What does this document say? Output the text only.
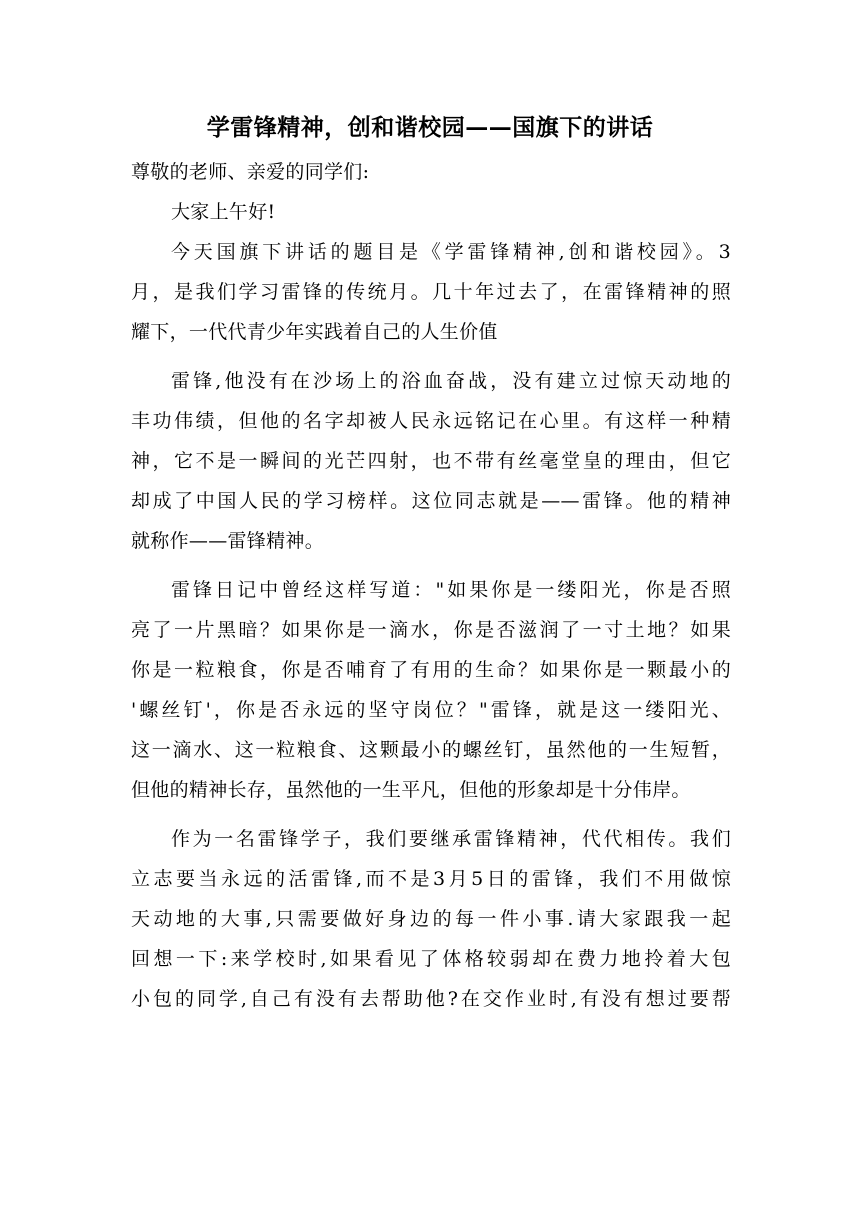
学雷锋精神，创和谐校园——国旗下的讲话
尊敬的老师、亲爱的同学们:
大家上午好!
今天国旗下讲话的题目是《学雷锋精神,创和谐校园》。3
月，是我们学习雷锋的传统月。几十年过去了，在雷锋精神的照
耀下，一代代青少年实践着自己的人生价值
雷锋,他没有在沙场上的浴血奋战，没有建立过惊天动地的
丰功伟绩，但他的名字却被人民永远铭记在心里。有这样一种精
神，它不是一瞬间的光芒四射，也不带有丝毫堂皇的理由，但它
却成了中国人民的学习榜样。这位同志就是——雷锋。他的精神
就称作——雷锋精神。
雷锋日记中曾经这样写道："如果你是一缕阳光，你是否照
亮了一片黑暗？如果你是一滴水，你是否滋润了一寸土地？如果
你是一粒粮食，你是否哺育了有用的生命？如果你是一颗最小的
'螺丝钉'，你是否永远的坚守岗位？"雷锋，就是这一缕阳光、
这一滴水、这一粒粮食、这颗最小的螺丝钉，虽然他的一生短暂，
但他的精神长存，虽然他的一生平凡，但他的形象却是十分伟岸。
作为一名雷锋学子，我们要继承雷锋精神，代代相传。我们
立志要当永远的活雷锋,而不是3月5日的雷锋，我们不用做惊
天动地的大事,只需要做好身边的每一件小事.请大家跟我一起
回想一下:来学校时,如果看见了体格较弱却在费力地拎着大包
小包的同学,自己有没有去帮助他?在交作业时,有没有想过要帮
